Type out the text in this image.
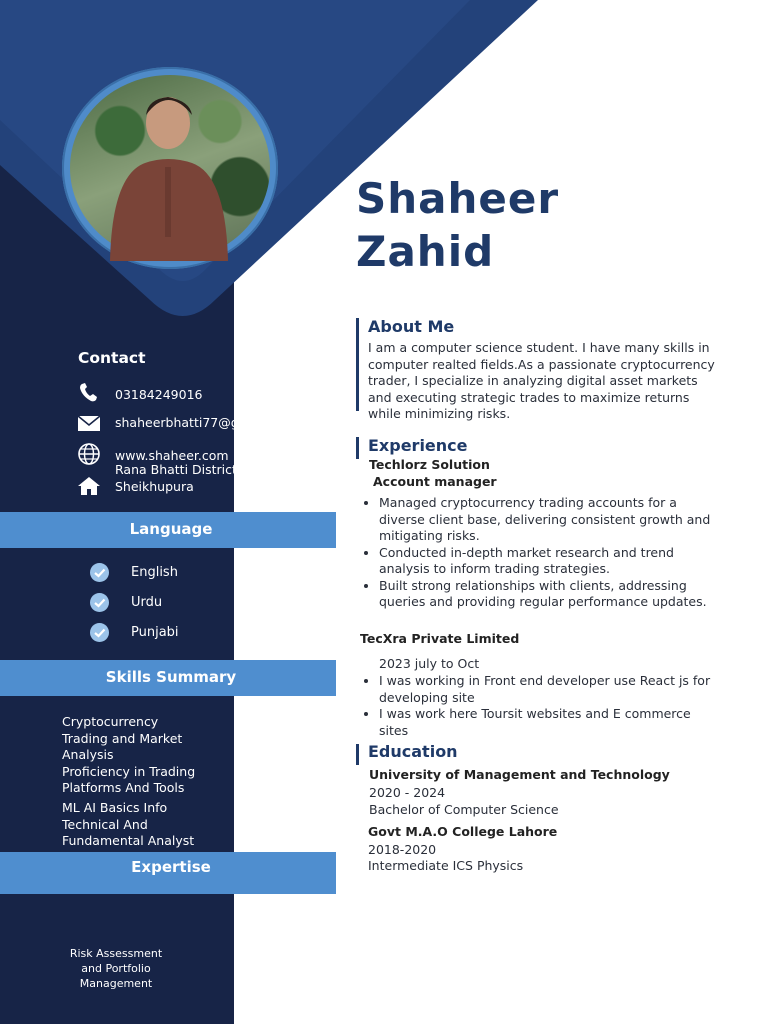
Shaheer
Zahid
Contact
03184249016
shaheerbhatti77@gmail.com
www.shaheer.com
Rana Bhatti District
Sheikhupura
Language
English
Urdu
Punjabi
Skills Summary
Cryptocurrency
Trading and Market
Analysis
Proficiency in Trading
Platforms And Tools
ML AI Basics Info
Technical And
Fundamental Analyst
Expertise
Risk Assessment
and Portfolio
Management
About Me
I am a computer science student. I have many skills in
computer realted fields.As a passionate cryptocurrency
trader, I specialize in analyzing digital asset markets
and executing strategic trades to maximize returns
while minimizing risks.
Experience
Techlorz Solution
Account manager
• Managed cryptocurrency trading accounts for a
diverse client base, delivering consistent growth and
mitigating risks.
• Conducted in-depth market research and trend
analysis to inform trading strategies.
• Built strong relationships with clients, addressing
queries and providing regular performance updates.
TecXra Private Limited
2023 july to Oct
• I was working in Front end developer use React js for
developing site
• I was work here Toursit websites and E commerce
sites
Education
University of Management and Technology
2020 - 2024
Bachelor of Computer Science
Govt M.A.O College Lahore
2018-2020
Intermediate ICS Physics
